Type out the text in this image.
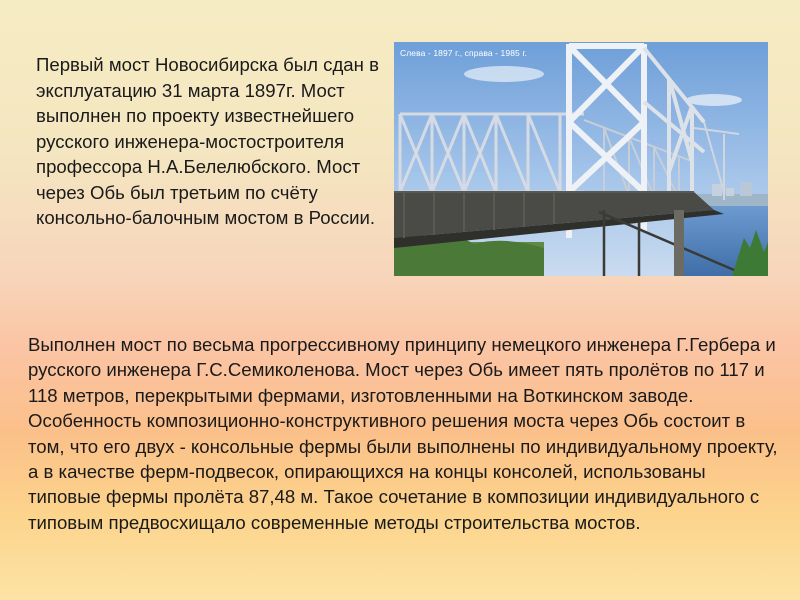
Первый мост Новосибирска был сдан в эксплуатацию 31 марта 1897г. Мост выполнен по проекту известнейшего русского инженера-мостостроителя профессора Н.А.Белелюбского. Мост через Обь был третьим по счёту консольно-балочным мостом в России.

Слева - 1897 г., справа - 1985 г.

Выполнен мост по весьма прогрессивному принципу немецкого инженера Г.Гербера и русского инженера Г.С.Семиколенова. Мост через Обь имеет пять пролётов по 117 и 118 метров, перекрытыми фермами, изготовленными на Воткинском заводе. Особенность композиционно-конструктивного решения моста через Обь состоит в том, что его двух - консольные фермы были выполнены по индивидуальному проекту, а в качестве ферм-подвесок, опирающихся на концы консолей, использованы типовые фермы пролёта 87,48 м. Такое сочетание в композиции индивидуального с типовым предвосхищало современные методы строительства мостов.
